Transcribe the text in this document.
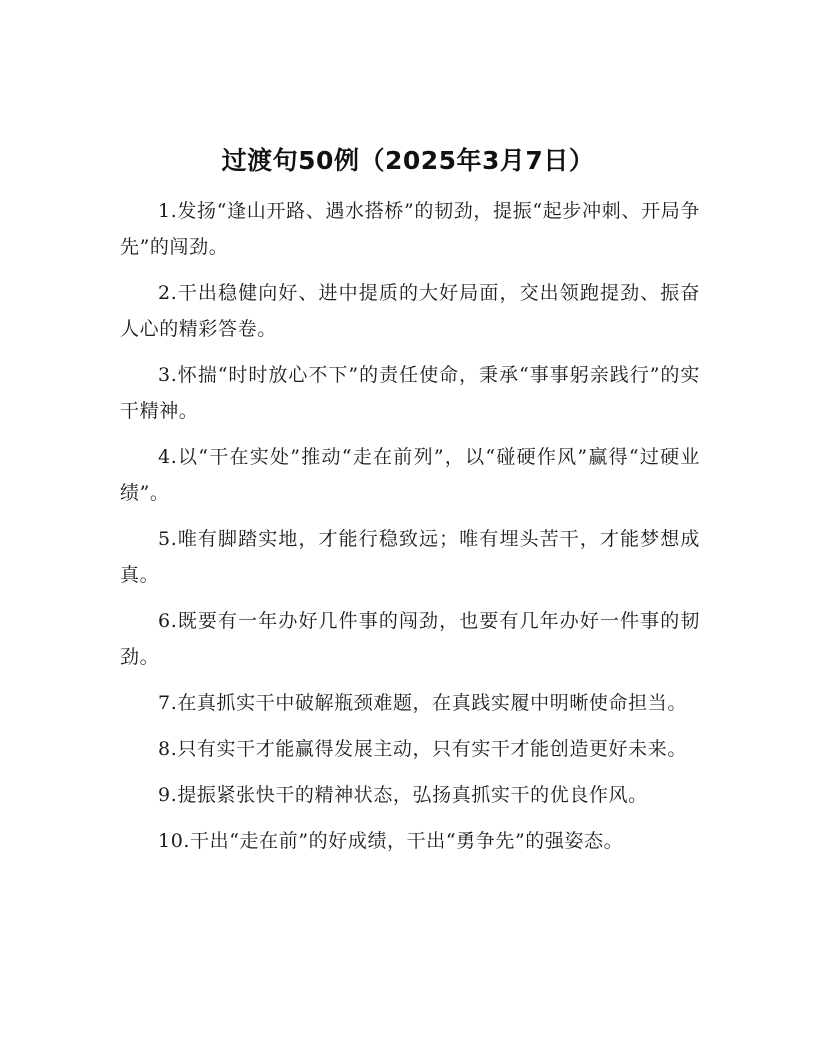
过渡句50例（2025年3月7日）

1.发扬“逢山开路、遇水搭桥”的韧劲，提振“起步冲刺、开局争先”的闯劲。

2.干出稳健向好、进中提质的大好局面，交出领跑提劲、振奋人心的精彩答卷。

3.怀揣“时时放心不下”的责任使命，秉承“事事躬亲践行”的实干精神。

4.以“干在实处”推动“走在前列”，以“碰硬作风”赢得“过硬业绩”。

5.唯有脚踏实地，才能行稳致远；唯有埋头苦干，才能梦想成真。

6.既要有一年办好几件事的闯劲，也要有几年办好一件事的韧劲。

7.在真抓实干中破解瓶颈难题，在真践实履中明晰使命担当。

8.只有实干才能赢得发展主动，只有实干才能创造更好未来。

9.提振紧张快干的精神状态，弘扬真抓实干的优良作风。

10.干出“走在前”的好成绩，干出“勇争先”的强姿态。
